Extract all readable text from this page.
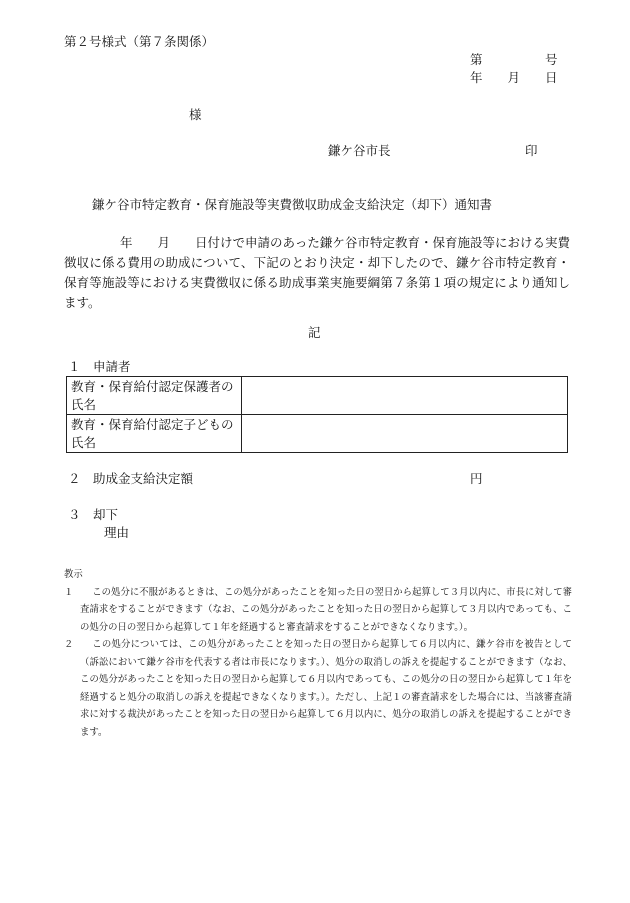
第２号様式（第７条関係）
第　　　　　号
年　　月　　日
様
鎌ケ谷市長	印
鎌ケ谷市特定教育・保育施設等実費徴収助成金支給決定（却下）通知書

年　　月　　日付けで申請のあった鎌ケ谷市特定教育・保育施設等における実費徴収に係る費用の助成について、下記のとおり決定・却下したので、鎌ケ谷市特定教育・保育等施設等における実費徴収に係る助成事業実施要綱第７条第１項の規定により通知します。

記
１　申請者
教育・保育給付認定保護者の氏名	
教育・保育給付認定子どもの氏名	
２　助成金支給決定額	円
３　却下
理由

教示

１	この処分に不服があるときは、この処分があったことを知った日の翌日から起算して３月以内に、市長に対して審査請求をすることができます（なお、この処分があったことを知った日の翌日から起算して３月以内であっても、この処分の日の翌日から起算して１年を経過すると審査請求をすることができなくなります。）。
２	この処分については、この処分があったことを知った日の翌日から起算して６月以内に、鎌ケ谷市を被告として（訴訟において鎌ケ谷市を代表する者は市長になります。）、処分の取消しの訴えを提起することができます（なお、この処分があったことを知った日の翌日から起算して６月以内であっても、この処分の日の翌日から起算して１年を経過すると処分の取消しの訴えを提起できなくなります。）。ただし、上記１の審査請求をした場合には、当該審査請求に対する裁決があったことを知った日の翌日から起算して６月以内に、処分の取消しの訴えを提起することができます。
